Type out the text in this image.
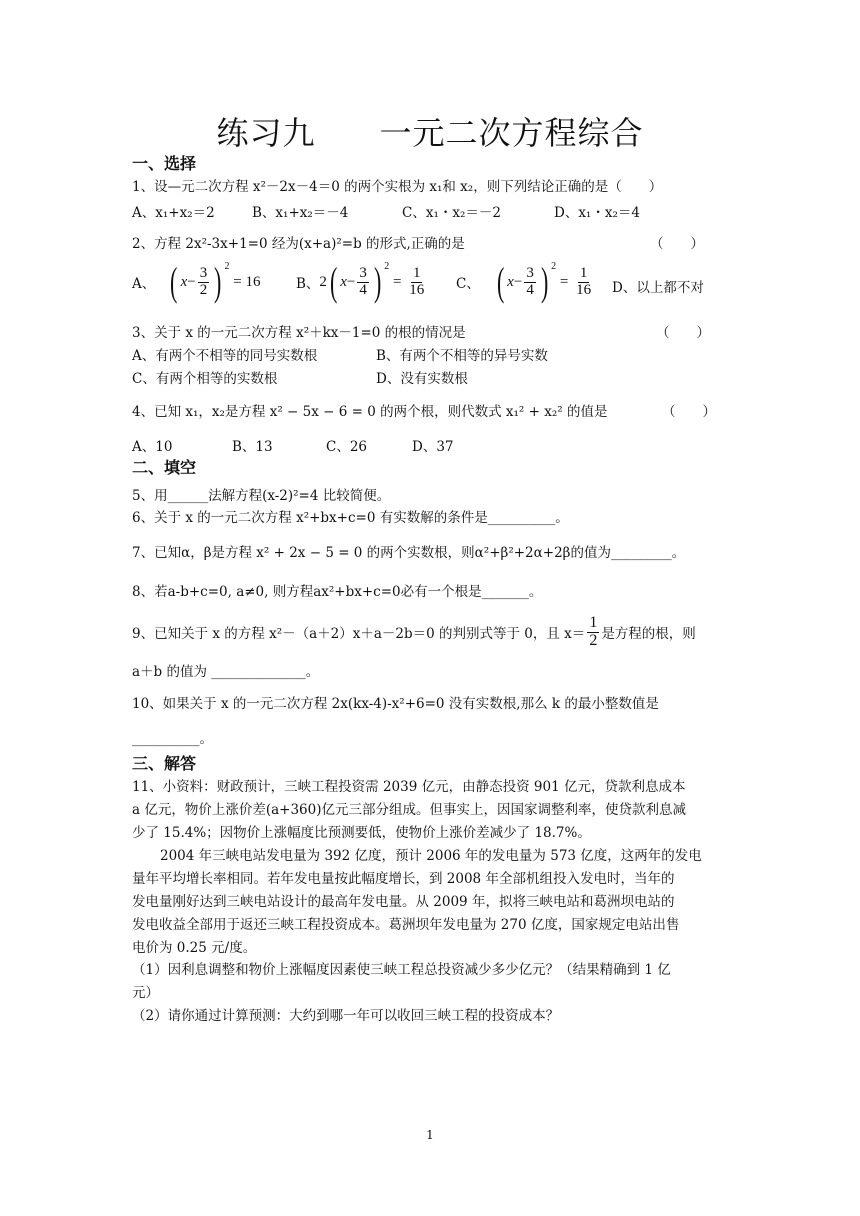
练习九 一元二次方程综合
一、选择
1、设—元二次方程 x²－2x－4＝0 的两个实根为 x₁和 x₂，则下列结论正确的是（　　）
A、x₁+x₂＝2	B、x₁+x₂＝－4	C、x₁・x₂＝－2	D、x₁・x₂＝4
2、方程 2x²-3x+1=0 经为(x+a)²=b 的形式,正确的是	（　　）
A、 ( $x - \frac{3}{2}$ ) $^2$
= 16	B、 2 ( $x - \frac{3}{4}$ ) $^2$
= $\frac{1}{16}$ C、 ( $x - \frac{3}{4}$ ) $^2$
= $\frac{1}{16}$ D、以上都不对
3、关于 x 的一元二次方程 x²＋kx－1=0 的根的情况是	（　　）
A、有两个不相等的同号实数根	B、有两个不相等的异号实数
C、有两个相等的实数根	D、没有实数根
4、已知 x₁，x₂是方程 x² − 5x − 6 = 0 的两个根，则代数式 x₁² + x₂² 的值是	（　　）
A、10	B、13	C、26	D、37
二、填空
5、用______法解方程(x-2)²=4 比较简便。
6、关于 x 的一元二次方程 x²+bx+c=0 有实数解的条件是__________。
7、已知α，β是方程 x² + 2x − 5 = 0 的两个实数根，则α²+β²+2α+2β的值为_________。
8、若a-b+c=0, a≠0, 则方程ax²+bx+c=0必有一个根是_______。
9、已知关于 x 的方程 x²－（a＋2）x＋a－2b＝0 的判别式等于 0，且 $x= \frac{1}{2}$ 是方程的根，则
a＋b 的值为 ______________。
10、如果关于 x 的一元二次方程 2x(kx-4)-x²+6=0 没有实数根,那么 k 的最小整数值是
__________。
三、解答
11、小资料：财政预计，三峡工程投资需 2039 亿元，由静态投资 901 亿元，贷款利息成本
a 亿元，物价上涨价差(a+360)亿元三部分组成。但事实上，因国家调整利率，使贷款利息减
少了 15.4%；因物价上涨幅度比预测要低，使物价上涨价差减少了 18.7%。
2004 年三峡电站发电量为 392 亿度，预计 2006 年的发电量为 573 亿度，这两年的发电
量年平均增长率相同。若年发电量按此幅度增长，到 2008 年全部机组投入发电时，当年的
发电量刚好达到三峡电站设计的最高年发电量。从 2009 年，拟将三峡电站和葛洲坝电站的
发电收益全部用于返还三峡工程投资成本。葛洲坝年发电量为 270 亿度，国家规定电站出售
电价为 0.25 元/度。
（1）因利息调整和物价上涨幅度因素使三峡工程总投资减少多少亿元？（结果精确到 1 亿
元）
（2）请你通过计算预测：大约到哪一年可以收回三峡工程的投资成本？
1
